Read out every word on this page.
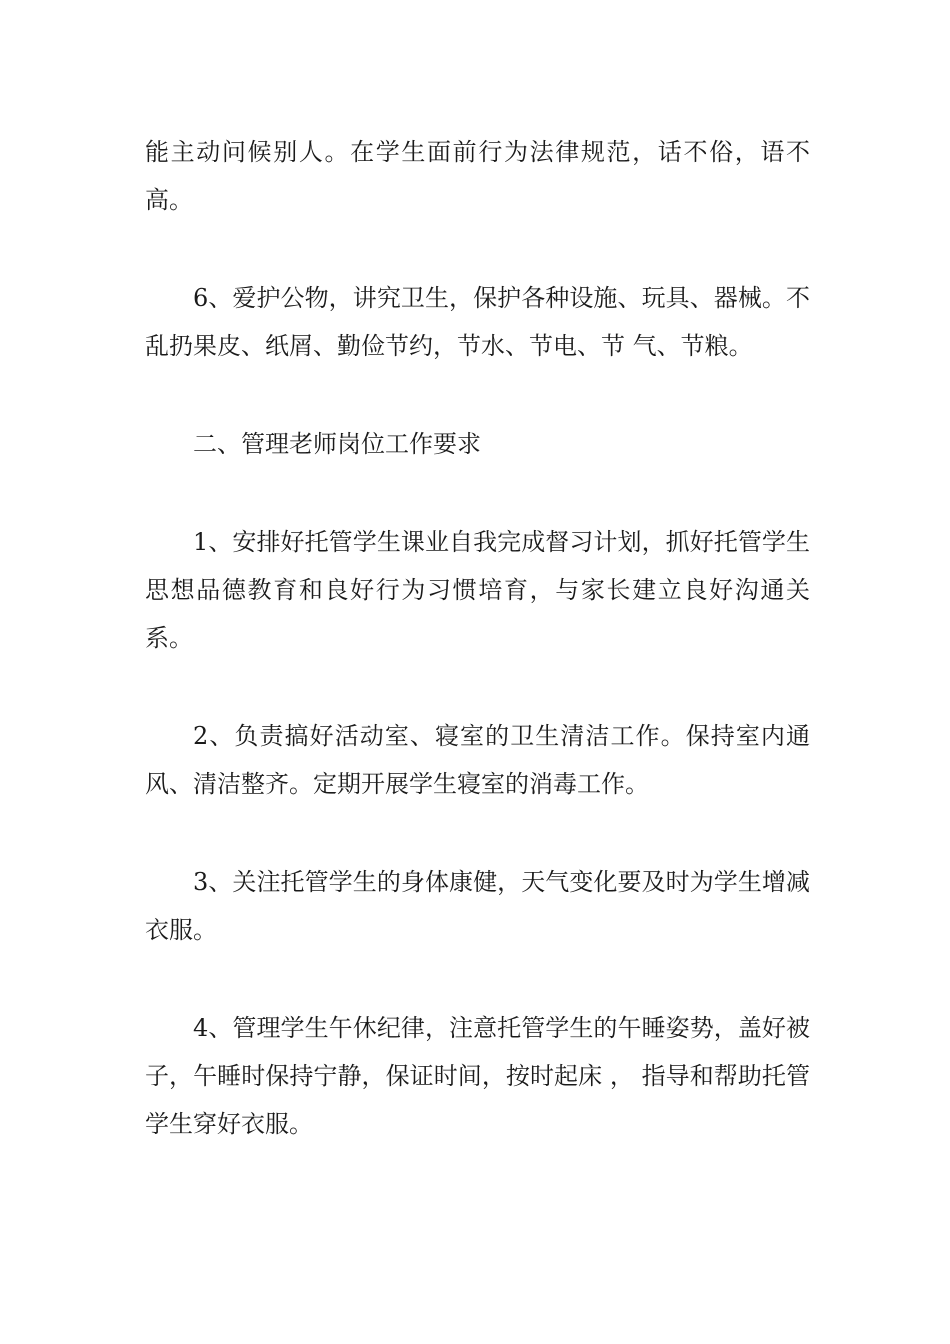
能主动问候别人。在学生面前行为法律规范，话不俗，语不高。

6、爱护公物，讲究卫生，保护各种设施、玩具、器械。不乱扔果皮、纸屑、勤俭节约，节水、节电、节 气、节粮。

二、管理老师岗位工作要求

1、安排好托管学生课业自我完成督习计划，抓好托管学生思想品德教育和良好行为习惯培育，与家长建立良好沟通关系。

2、负责搞好活动室、寝室的卫生清洁工作。保持室内通风、清洁整齐。定期开展学生寝室的消毒工作。

3、关注托管学生的身体康健，天气变化要及时为学生增减衣服。

4、管理学生午休纪律，注意托管学生的午睡姿势，盖好被子，午睡时保持宁静，保证时间，按时起床 ， 指导和帮助托管学生穿好衣服。
